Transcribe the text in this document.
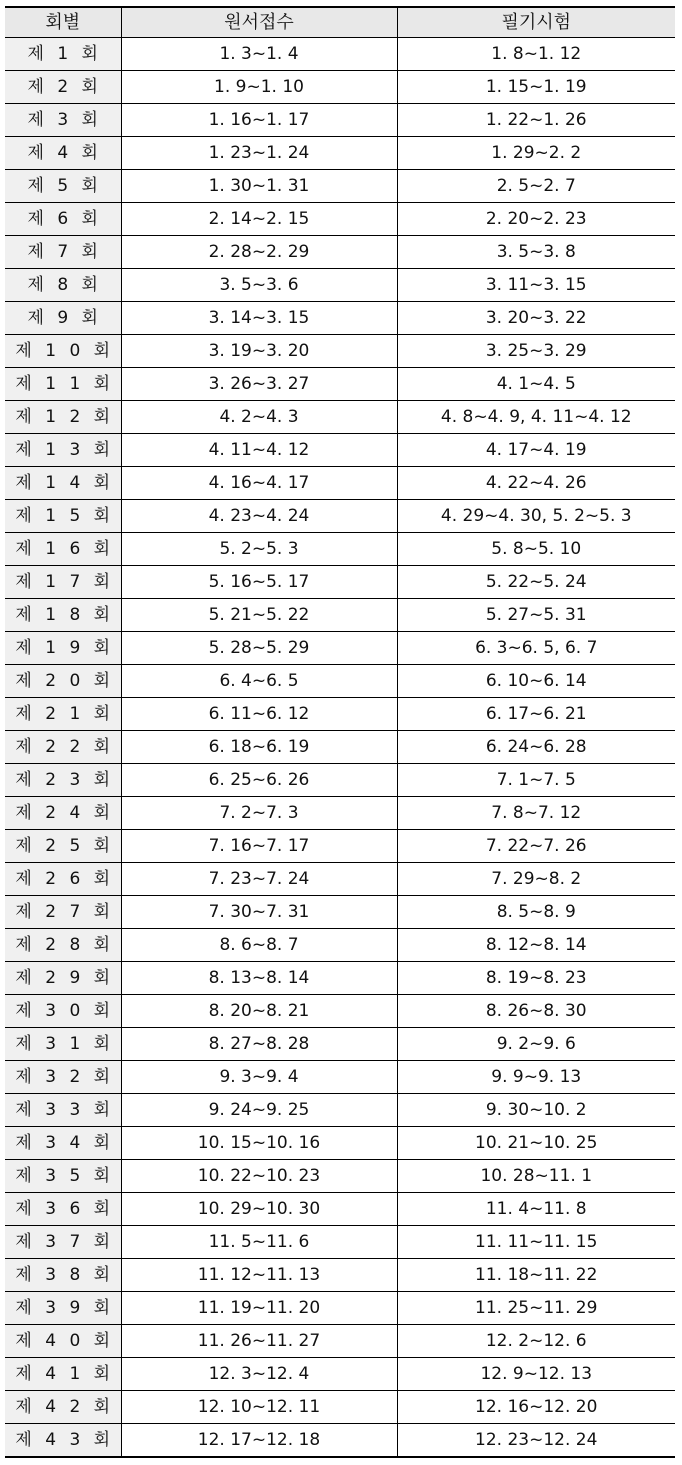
회별	원서접수	필기시험
제 1 회	1. 3~1. 4	1. 8~1. 12
제 2 회	1. 9~1. 10	1. 15~1. 19
제 3 회	1. 16~1. 17	1. 22~1. 26
제 4 회	1. 23~1. 24	1. 29~2. 2
제 5 회	1. 30~1. 31	2. 5~2. 7
제 6 회	2. 14~2. 15	2. 20~2. 23
제 7 회	2. 28~2. 29	3. 5~3. 8
제 8 회	3. 5~3. 6	3. 11~3. 15
제 9 회	3. 14~3. 15	3. 20~3. 22
제 1 0 회	3. 19~3. 20	3. 25~3. 29
제 1 1 회	3. 26~3. 27	4. 1~4. 5
제 1 2 회	4. 2~4. 3	4. 8~4. 9, 4. 11~4. 12
제 1 3 회	4. 11~4. 12	4. 17~4. 19
제 1 4 회	4. 16~4. 17	4. 22~4. 26
제 1 5 회	4. 23~4. 24	4. 29~4. 30, 5. 2~5. 3
제 1 6 회	5. 2~5. 3	5. 8~5. 10
제 1 7 회	5. 16~5. 17	5. 22~5. 24
제 1 8 회	5. 21~5. 22	5. 27~5. 31
제 1 9 회	5. 28~5. 29	6. 3~6. 5, 6. 7
제 2 0 회	6. 4~6. 5	6. 10~6. 14
제 2 1 회	6. 11~6. 12	6. 17~6. 21
제 2 2 회	6. 18~6. 19	6. 24~6. 28
제 2 3 회	6. 25~6. 26	7. 1~7. 5
제 2 4 회	7. 2~7. 3	7. 8~7. 12
제 2 5 회	7. 16~7. 17	7. 22~7. 26
제 2 6 회	7. 23~7. 24	7. 29~8. 2
제 2 7 회	7. 30~7. 31	8. 5~8. 9
제 2 8 회	8. 6~8. 7	8. 12~8. 14
제 2 9 회	8. 13~8. 14	8. 19~8. 23
제 3 0 회	8. 20~8. 21	8. 26~8. 30
제 3 1 회	8. 27~8. 28	9. 2~9. 6
제 3 2 회	9. 3~9. 4	9. 9~9. 13
제 3 3 회	9. 24~9. 25	9. 30~10. 2
제 3 4 회	10. 15~10. 16	10. 21~10. 25
제 3 5 회	10. 22~10. 23	10. 28~11. 1
제 3 6 회	10. 29~10. 30	11. 4~11. 8
제 3 7 회	11. 5~11. 6	11. 11~11. 15
제 3 8 회	11. 12~11. 13	11. 18~11. 22
제 3 9 회	11. 19~11. 20	11. 25~11. 29
제 4 0 회	11. 26~11. 27	12. 2~12. 6
제 4 1 회	12. 3~12. 4	12. 9~12. 13
제 4 2 회	12. 10~12. 11	12. 16~12. 20
제 4 3 회	12. 17~12. 18	12. 23~12. 24
